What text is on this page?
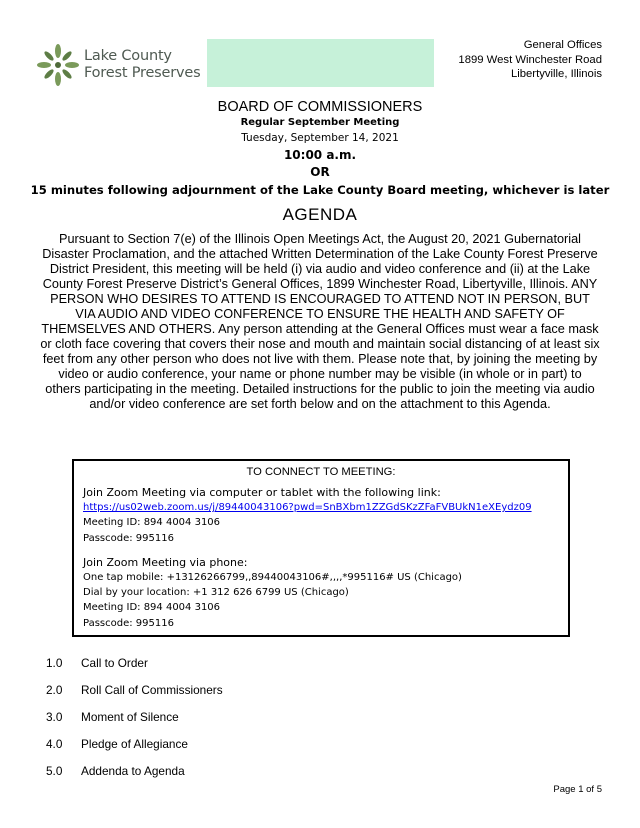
Lake County
Forest Preserves
General Offices
1899 West Winchester Road
Libertyville, Illinois
BOARD OF COMMISSIONERS
Regular September Meeting
Tuesday, September 14, 2021
10:00 a.m.
OR
15 minutes following adjournment of the Lake County Board meeting, whichever is later
AGENDA
Pursuant to Section 7(e) of the Illinois Open Meetings Act, the August 20, 2021 Gubernatorial Disaster Proclamation, and the attached Written Determination of the Lake County Forest Preserve District President, this meeting will be held (i) via audio and video conference and (ii) at the Lake County Forest Preserve District’s General Offices, 1899 Winchester Road, Libertyville, Illinois. ANY PERSON WHO DESIRES TO ATTEND IS ENCOURAGED TO ATTEND NOT IN PERSON, BUT VIA AUDIO AND VIDEO CONFERENCE TO ENSURE THE HEALTH AND SAFETY OF THEMSELVES AND OTHERS. Any person attending at the General Offices must wear a face mask or cloth face covering that covers their nose and mouth and maintain social distancing of at least six feet from any other person who does not live with them. Please note that, by joining the meeting by video or audio conference, your name or phone number may be visible (in whole or in part) to others participating in the meeting. Detailed instructions for the public to join the meeting via audio and/or video conference are set forth below and on the attachment to this Agenda.
TO CONNECT TO MEETING:
Join Zoom Meeting via computer or tablet with the following link:
https://us02web.zoom.us/j/89440043106?pwd=SnBXbm1ZZGdSKzZFaFVBUkN1eXEydz09
Meeting ID: 894 4004 3106
Passcode: 995116
Join Zoom Meeting via phone:
One tap mobile: +13126266799,,89440043106#,,,,*995116# US (Chicago)
Dial by your location: +1 312 626 6799 US (Chicago)
Meeting ID: 894 4004 3106
Passcode: 995116
1.0	Call to Order
2.0	Roll Call of Commissioners
3.0	Moment of Silence
4.0	Pledge of Allegiance
5.0	Addenda to Agenda
Page 1 of 5
